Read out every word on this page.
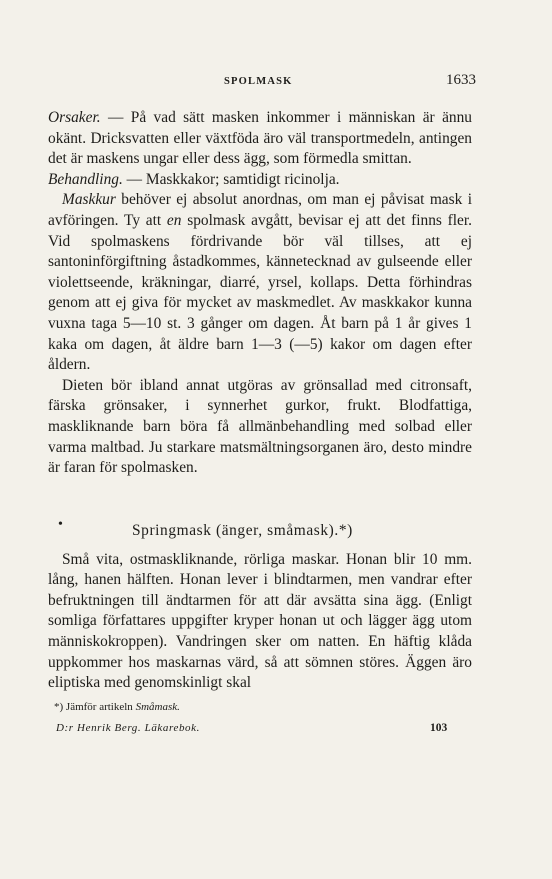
SPOLMASK	1633

Orsaker. — På vad sätt masken inkommer i människan är ännu okänt. Dricksvatten eller växtföda äro väl transportmedeln, antingen det är maskens ungar eller dess ägg, som förmedla smittan.

Behandling. — Maskkakor; samtidigt ricinolja.

Maskkur behöver ej absolut anordnas, om man ej påvisat mask i avföringen. Ty att en spolmask avgått, bevisar ej att det finns fler. Vid spolmaskens fördrivande bör väl tillses, att ej santoninförgiftning åstadkommes, kännetecknad av gulseende eller violettseende, kräkningar, diarré, yrsel, kollaps. Detta förhindras genom att ej giva för mycket av maskmedlet. Av maskkakor kunna vuxna taga 5—10 st. 3 gånger om dagen. Åt barn på 1 år gives 1 kaka om dagen, åt äldre barn 1—3 (—5) kakor om dagen efter åldern.

Dieten bör ibland annat utgöras av grönsallad med citronsaft, färska grönsaker, i synnerhet gurkor, frukt. Blodfattiga, maskliknande barn böra få allmänbehandling med solbad eller varma maltbad. Ju starkare matsmältningsorganen äro, desto mindre är faran för spolmasken.

•	Springmask (änger, småmask).*)

Små vita, ostmaskliknande, rörliga maskar. Honan blir 10 mm. lång, hanen hälften. Honan lever i blindtarmen, men vandrar efter befruktningen till ändtarmen för att där avsätta sina ägg. (Enligt somliga författares uppgifter kryper honan ut och lägger ägg utom människokroppen). Vandringen sker om natten. En häftig klåda uppkommer hos maskarnas värd, så att sömnen störes. Äggen äro eliptiska med genomskinligt skal

*) Jämför artikeln Småmask.
D:r Henrik Berg. Läkarebok.	103
